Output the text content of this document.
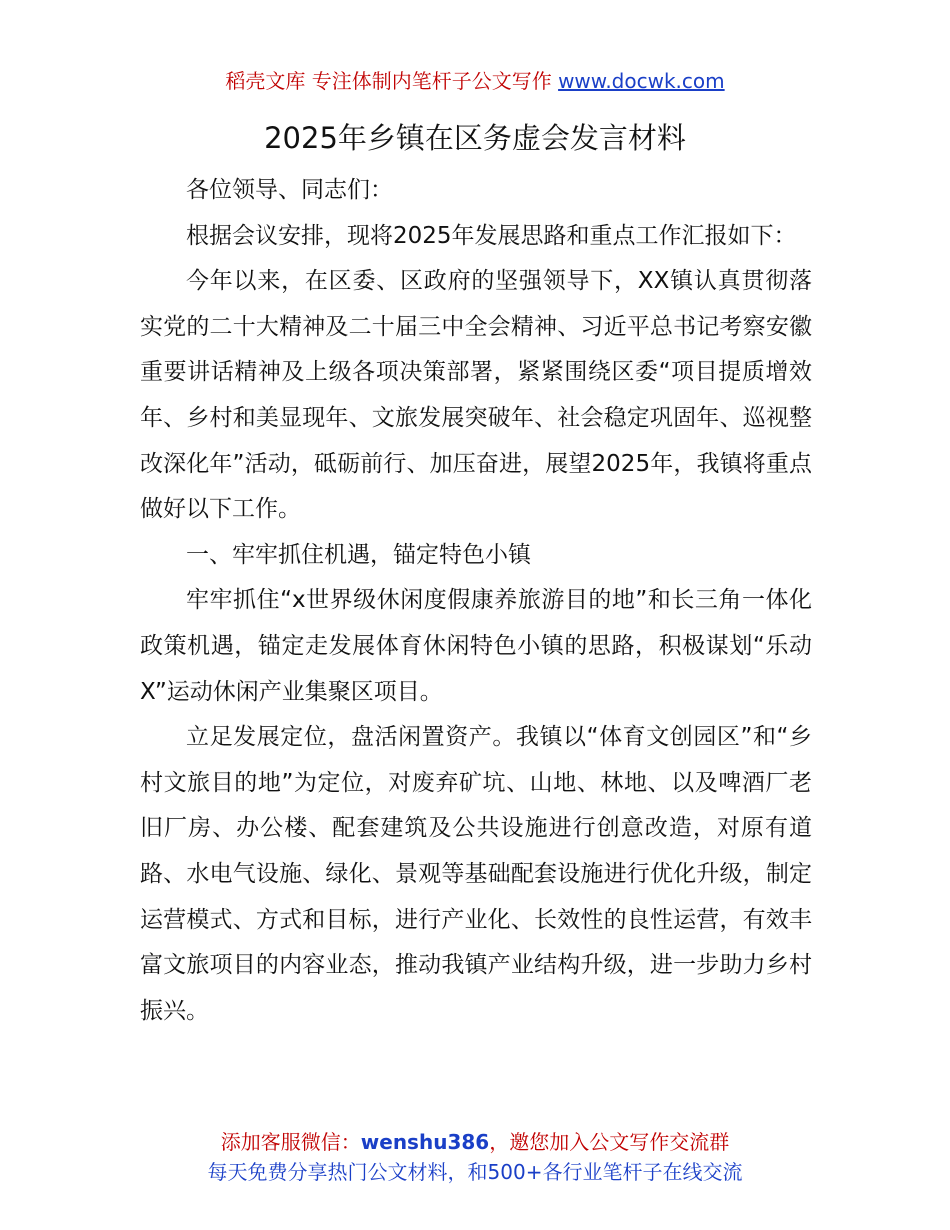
稻壳文库 专注体制内笔杆子公文写作 www.docwk.com
2025年乡镇在区务虚会发言材料

各位领导、同志们：

根据会议安排，现将2025年发展思路和重点工作汇报如下：

今年以来，在区委、区政府的坚强领导下，XX镇认真贯彻落实党的二十大精神及二十届三中全会精神、习近平总书记考察安徽重要讲话精神及上级各项决策部署，紧紧围绕区委“项目提质增效年、乡村和美显现年、文旅发展突破年、社会稳定巩固年、巡视整改深化年”活动，砥砺前行、加压奋进，展望2025年，我镇将重点做好以下工作。

一、牢牢抓住机遇，锚定特色小镇

牢牢抓住“x世界级休闲度假康养旅游目的地”和长三角一体化政策机遇，锚定走发展体育休闲特色小镇的思路，积极谋划“乐动X”运动休闲产业集聚区项目。

立足发展定位，盘活闲置资产。我镇以“体育文创园区”和“乡村文旅目的地”为定位，对废弃矿坑、山地、林地、以及啤酒厂老旧厂房、办公楼、配套建筑及公共设施进行创意改造，对原有道路、水电气设施、绿化、景观等基础配套设施进行优化升级，制定运营模式、方式和目标，进行产业化、长效性的良性运营，有效丰富文旅项目的内容业态，推动我镇产业结构升级，进一步助力乡村振兴。

添加客服微信：wenshu386，邀您加入公文写作交流群
每天免费分享热门公文材料，和500+各行业笔杆子在线交流
